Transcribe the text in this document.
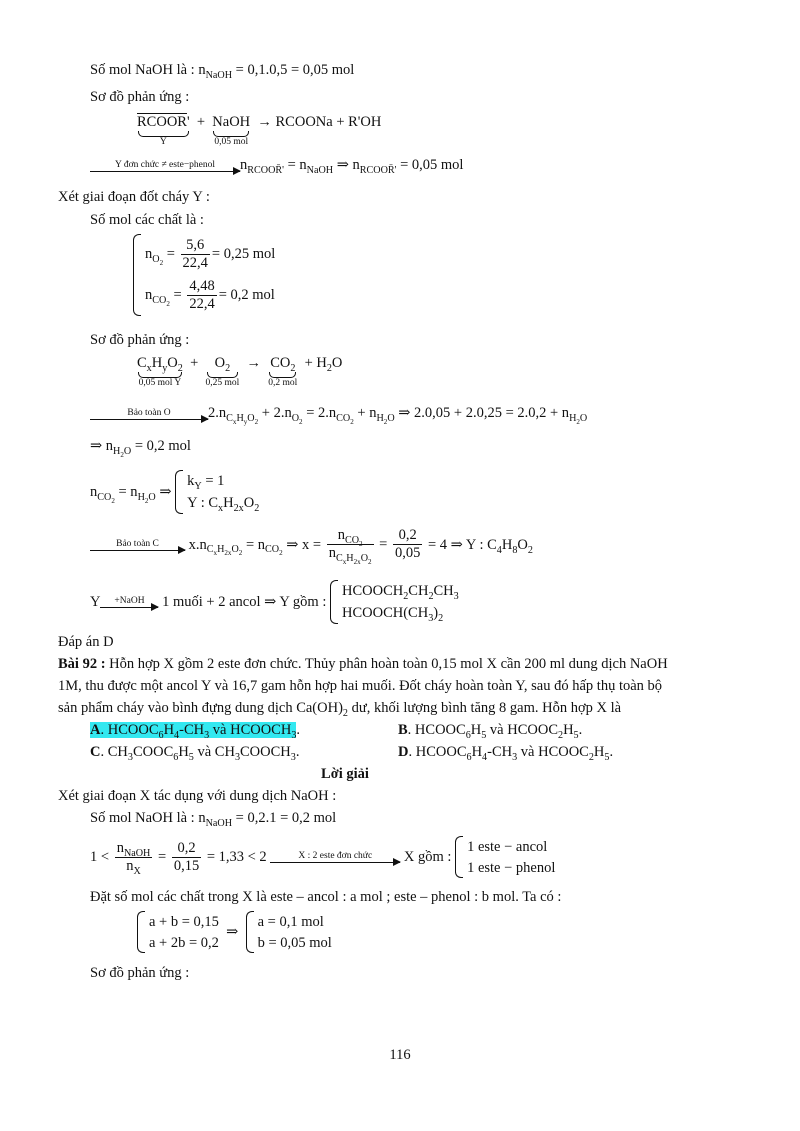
Số mol NaOH là : $n_{NaOH} = 0,1.0,5 = 0,05$ mol
Sơ đồ phản ứng :
RCOOR'
Y
+ NaOH
0,05 mol
→ RCOONa + R'OH
Y đơn chức ≠ este−phenol	$n_{RCOOR̄'} = n_{NaOH}$ ⇒ $n_{RCOOR̄'} = 0,05$ mol
Xét giai đoạn đốt cháy Y :
Số mol các chất là :
$n_{O_2} = \frac{5,6}{22,4} = 0,25$ mol
$n_{CO_2} = \frac{4,48}{22,4} = 0,2$ mol
Sơ đồ phản ứng :
$C_xH_yO_2$
0,05 mol Y
+ $O_2$
0,25 mol
→ $CO_2$
0,2 mol
+ $H_2O$
Bảo toàn O	$2.n_{C_xH_yO_2} + 2.n_{O_2} = 2.n_{CO_2} + n_{H_2O}$ ⇒ $2.0,05 + 2.0,25 = 2.0,2 + n_{H_2O}$
⇒ $n_{H_2O} = 0,2$ mol
$n_{CO_2} = n_{H_2O}$ ⇒
$k_Y = 1$
Y : $C_xH_{2x}O_2$
Bảo toàn C	$x.n_{C_xH_{2x}O_2} = n_{CO_2}$ ⇒ $x = \frac{n_{CO_2}}{n_{C_xH_{2x}O_2}} = \frac{0,2}{0,05} = 4$ ⇒ Y : $C_4H_8O_2$
Y	+NaOH	1 muối + 2 ancol ⇒ Y gồm :
$HCOOCH_2CH_2CH_3$
$HCOOCH(CH_3)_2$
Đáp án D
Bài 92 : Hỗn hợp X gồm 2 este đơn chức. Thủy phân hoàn toàn 0,15 mol X cần 200 ml dung dịch NaOH
1M, thu được một ancol Y và 16,7 gam hỗn hợp hai muối. Đốt cháy hoàn toàn Y, sau đó hấp thụ toàn bộ
sản phẩm cháy vào bình đựng dung dịch $Ca(OH)_2$ dư, khối lượng bình tăng 8 gam. Hỗn hợp X là
A. $HCOOC_6H_4-CH_3$ và $HCOOCH_3$.	B. $HCOOC_6H_5$ và $HCOOC_2H_5$.
C. $CH_3COOC_6H_5$ và $CH_3COOCH_3$.	D. $HCOOC_6H_4-CH_3$ và $HCOOC_2H_5$.
Lời giải
Xét giai đoạn X tác dụng với dung dịch NaOH :
Số mol NaOH là : $n_{NaOH} = 0,2.1 = 0,2$ mol
$1 < \frac{n_{NaOH}}{n_X} = \frac{0,2}{0,15} = 1,33 < 2$	X : 2 este đơn chức	X gồm :
1 este − ancol
1 este − phenol
Đặt số mol các chất trong X là este – ancol : a mol ; este – phenol : b mol. Ta có :
a + b = 0,15
a + 2b = 0,2
⇒
a = 0,1 mol
b = 0,05 mol
Sơ đồ phản ứng :
116
